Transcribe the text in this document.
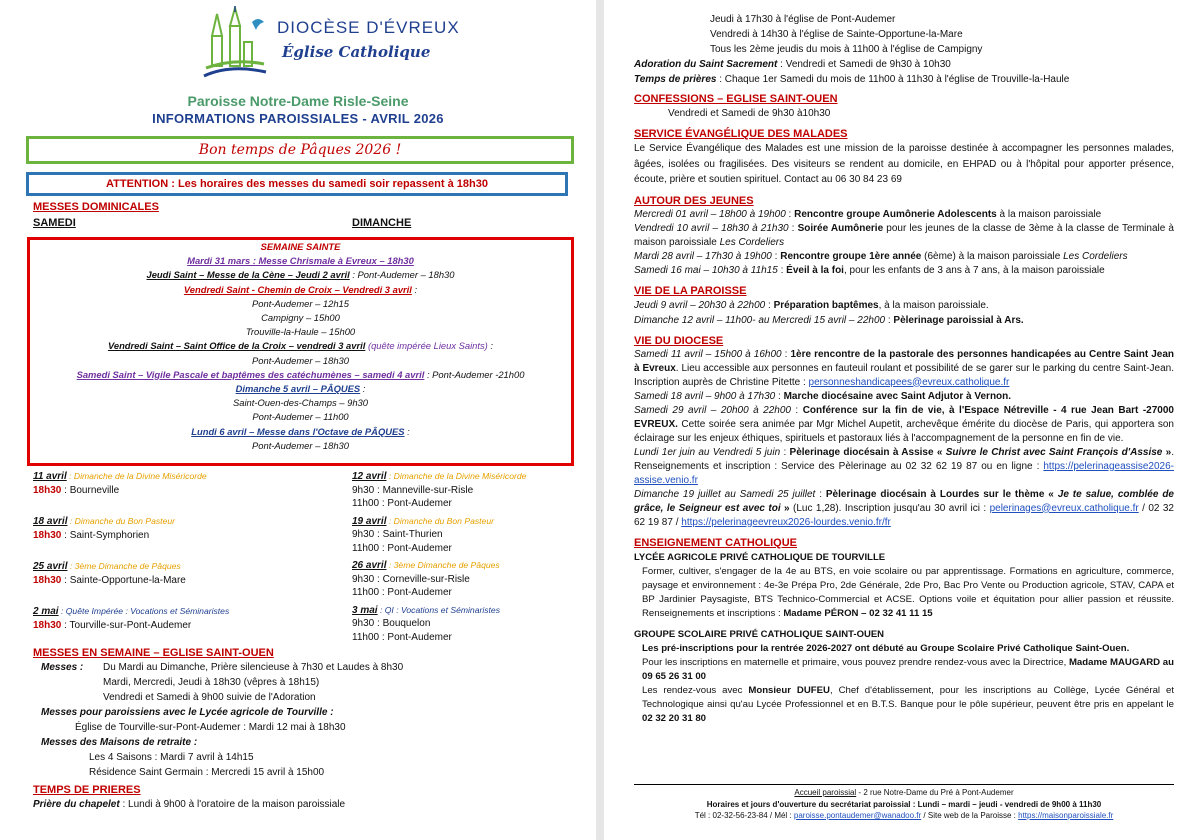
DIOCÈSE D'ÉVREUX
Église Catholique
Paroisse Notre-Dame Risle-Seine
INFORMATIONS PAROISSIALES - AVRIL 2026
Bon temps de Pâques 2026 !
ATTENTION : Les horaires des messes du samedi soir repassent à 18h30
MESSES DOMINICALES
SAMEDI	DIMANCHE
SEMAINE SAINTE
Mardi 31 mars : Messe Chrismale à Evreux – 18h30
Jeudi Saint – Messe de la Cène – Jeudi 2 avril : Pont-Audemer – 18h30
Vendredi Saint - Chemin de Croix – Vendredi 3 avril :
Pont-Audemer – 12h15
Campigny – 15h00
Trouville-la-Haule – 15h00
Vendredi Saint – Saint Office de la Croix – vendredi 3 avril (quête impérée Lieux Saints) :
Pont-Audemer – 18h30
Samedi Saint – Vigile Pascale et baptêmes des catéchumènes – samedi 4 avril : Pont-Audemer -21h00
Dimanche 5 avril – PÂQUES :
Saint-Ouen-des-Champs – 9h30
Pont-Audemer – 11h00
Lundi 6 avril – Messe dans l'Octave de PÂQUES :
Pont-Audemer – 18h30
11 avril : Dimanche de la Divine Miséricorde
18h30 : Bourneville
18 avril : Dimanche du Bon Pasteur
18h30 : Saint-Symphorien
25 avril : 3ème Dimanche de Pâques
18h30 : Sainte-Opportune-la-Mare
2 mai : Quête Impérée : Vocations et Séminaristes
18h30 : Tourville-sur-Pont-Audemer
12 avril : Dimanche de la Divine Miséricorde
9h30 : Manneville-sur-Risle
11h00 : Pont-Audemer
19 avril : Dimanche du Bon Pasteur
9h30 : Saint-Thurien
11h00 : Pont-Audemer
26 avril : 3ème Dimanche de Pâques
9h30 : Corneville-sur-Risle
11h00 : Pont-Audemer
3 mai : QI : Vocations et Séminaristes
9h30 : Bouquelon
11h00 : Pont-Audemer
MESSES EN SEMAINE – EGLISE SAINT-OUEN
Messes : Du Mardi au Dimanche, Prière silencieuse à 7h30 et Laudes à 8h30
Mardi, Mercredi, Jeudi à 18h30 (vêpres à 18h15)
Vendredi et Samedi à 9h00 suivie de l'Adoration
Messes pour paroissiens avec le Lycée agricole de Tourville :
Église de Tourville-sur-Pont-Audemer : Mardi 12 mai à 18h30
Messes des Maisons de retraite :
Les 4 Saisons : Mardi 7 avril à 14h15
Résidence Saint Germain : Mercredi 15 avril à 15h00
TEMPS DE PRIERES
Prière du chapelet : Lundi à 9h00 à l'oratoire de la maison paroissiale
Jeudi à 17h30 à l'église de Pont-Audemer
Vendredi à 14h30 à l'église de Sainte-Opportune-la-Mare
Tous les 2ème jeudis du mois à 11h00 à l'église de Campigny
Adoration du Saint Sacrement : Vendredi et Samedi de 9h30 à 10h30
Temps de prières : Chaque 1er Samedi du mois de 11h00 à 11h30 à l'église de Trouville-la-Haule
CONFESSIONS – EGLISE SAINT-OUEN
Vendredi et Samedi de 9h30 à10h30
SERVICE ÉVANGÉLIQUE DES MALADES
Le Service Évangélique des Malades est une mission de la paroisse destinée à accompagner les personnes malades, âgées, isolées ou fragilisées. Des visiteurs se rendent au domicile, en EHPAD ou à l'hôpital pour apporter présence, écoute, prière et soutien spirituel. Contact au 06 30 84 23 69
AUTOUR DES JEUNES
Mercredi 01 avril – 18h00 à 19h00 : Rencontre groupe Aumônerie Adolescents à la maison paroissiale
Vendredi 10 avril – 18h30 à 21h30 : Soirée Aumônerie pour les jeunes de la classe de 3ème à la classe de Terminale à maison paroissiale Les Cordeliers
Mardi 28 avril – 17h30 à 19h00 : Rencontre groupe 1ère année (6ème) à la maison paroissiale Les Cordeliers
Samedi 16 mai – 10h30 à 11h15 : Éveil à la foi, pour les enfants de 3 ans à 7 ans, à la maison paroissiale
VIE DE LA PAROISSE
Jeudi 9 avril – 20h30 à 22h00 : Préparation baptêmes, à la maison paroissiale.
Dimanche 12 avril – 11h00- au Mercredi 15 avril – 22h00 : Pèlerinage paroissial à Ars.
VIE DU DIOCESE
Samedi 11 avril – 15h00 à 16h00 : 1ère rencontre de la pastorale des personnes handicapées au Centre Saint Jean à Evreux. Lieu accessible aux personnes en fauteuil roulant et possibilité de se garer sur le parking du centre Saint-Jean. Inscription auprès de Christine Pitette : personneshandicapees@evreux.catholique.fr
Samedi 18 avril – 9h00 à 17h30 : Marche diocésaine avec Saint Adjutor à Vernon.
Samedi 29 avril – 20h00 à 22h00 : Conférence sur la fin de vie, à l'Espace Nétreville - 4 rue Jean Bart -27000 EVREUX. Cette soirée sera animée par Mgr Michel Aupetit, archevêque émérite du diocèse de Paris, qui apportera son éclairage sur les enjeux éthiques, spirituels et pastoraux liés à l'accompagnement de la personne en fin de vie.
Lundi 1er juin au Vendredi 5 juin : Pèlerinage diocésain à Assise « Suivre le Christ avec Saint François d'Assise ». Renseignements et inscription : Service des Pèlerinage au 02 32 62 19 87 ou en ligne : https://pelerinageassise2026-assise.venio.fr
Dimanche 19 juillet au Samedi 25 juillet : Pèlerinage diocésain à Lourdes sur le thème « Je te salue, comblée de grâce, le Seigneur est avec toi » (Luc 1,28). Inscription jusqu'au 30 avril ici : pelerinages@evreux.catholique.fr / 02 32 62 19 87 / https://pelerinageevreux2026-lourdes.venio.fr/fr
ENSEIGNEMENT CATHOLIQUE
LYCÉE AGRICOLE PRIVÉ CATHOLIQUE DE TOURVILLE
Former, cultiver, s'engager de la 4e au BTS, en voie scolaire ou par apprentissage. Formations en agriculture, commerce, paysage et environnement : 4e-3e Prépa Pro, 2de Générale, 2de Pro, Bac Pro Vente ou Production agricole, STAV, CAPA et BP Jardinier Paysagiste, BTS Technico-Commercial et ACSE. Options voile et équitation pour allier passion et réussite. Renseignements et inscriptions : Madame PÉRON – 02 32 41 11 15
GROUPE SCOLAIRE PRIVÉ CATHOLIQUE SAINT-OUEN
Les pré-inscriptions pour la rentrée 2026-2027 ont débuté au Groupe Scolaire Privé Catholique Saint-Ouen.
Pour les inscriptions en maternelle et primaire, vous pouvez prendre rendez-vous avec la Directrice, Madame MAUGARD au 09 65 26 31 00
Les rendez-vous avec Monsieur DUFEU, Chef d'établissement, pour les inscriptions au Collège, Lycée Général et Technologique ainsi qu'au Lycée Professionnel et en B.T.S. Banque pour le pôle supérieur, peuvent être pris en appelant le 02 32 20 31 80
Accueil paroissial - 2 rue Notre-Dame du Pré à Pont-Audemer
Horaires et jours d'ouverture du secrétariat paroissial : Lundi – mardi – jeudi - vendredi de 9h00 à 11h30
Tél : 02-32-56-23-84 / Mél : paroisse.pontaudemer@wanadoo.fr / Site web de la Paroisse : https://maisonparoissiale.fr
